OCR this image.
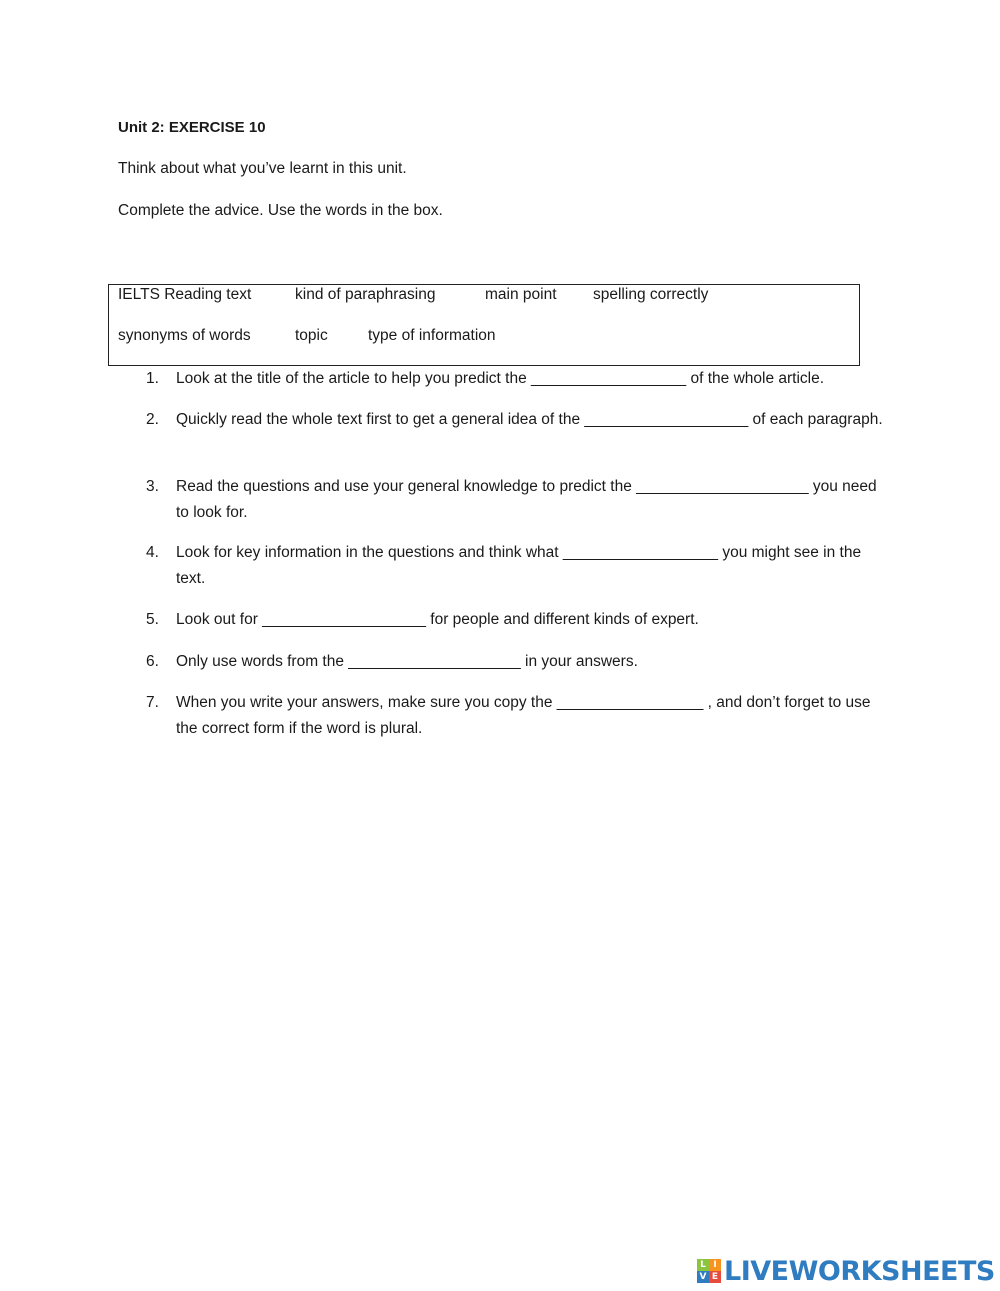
Unit 2: EXERCISE 10
Think about what you’ve learnt in this unit.
Complete the advice. Use the words in the box.
IELTS Reading text	kind of paraphrasing	main point spelling correctly
synonyms of words	topic	type of information
1.	Look at the title of the article to help you predict the __________________ of the whole article.
2.	Quickly read the whole text first to get a general idea of the ___________________ of each paragraph.
3.	Read the questions and use your general knowledge to predict the ____________________ you need to look for.
4.	Look for key information in the questions and think what __________________ you might see in the text.
5.	Look out for ___________________ for people and different kinds of expert.
6.	Only use words from the ____________________ in your answers.
7.	When you write your answers, make sure you copy the _________________ , and don’t forget to use the correct form if the word is plural.
L I
V E LIVEWORKSHEETS
